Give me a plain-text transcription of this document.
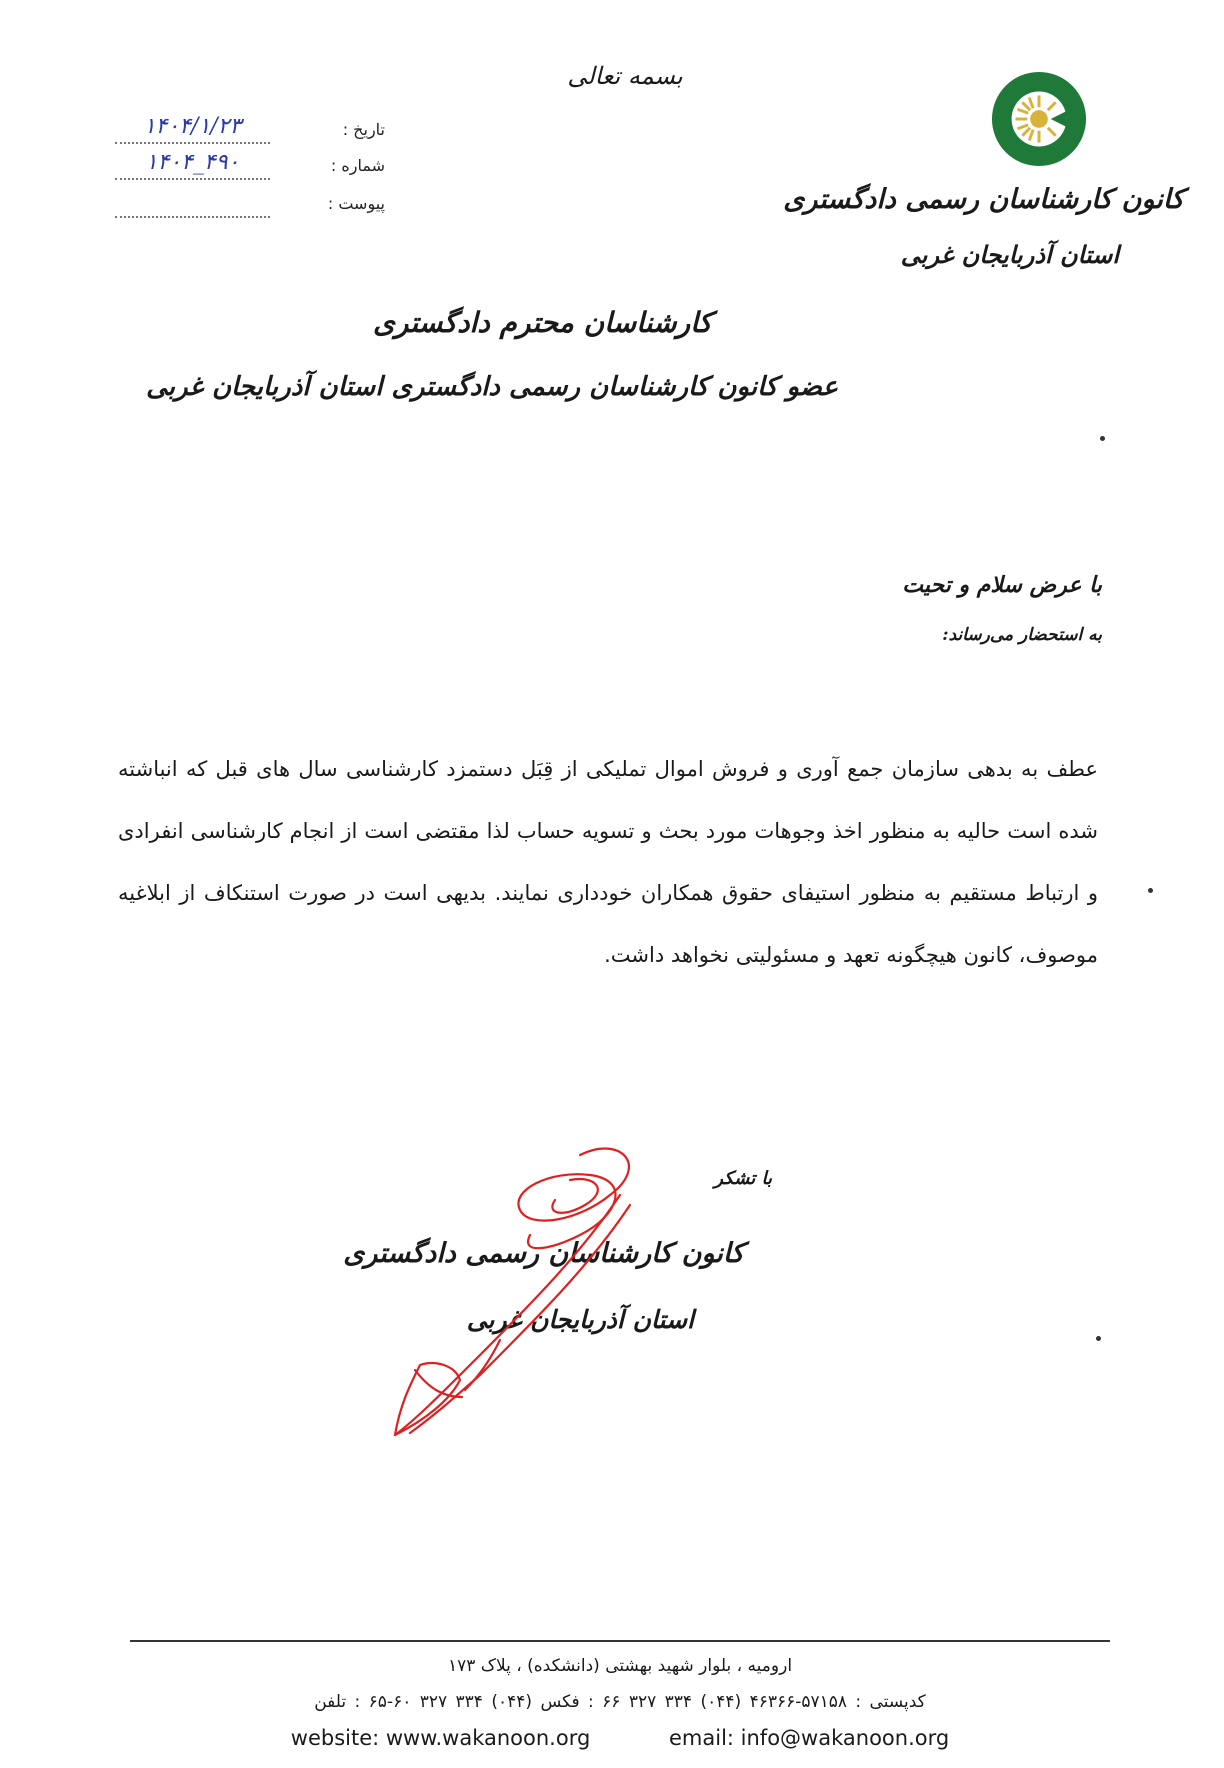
بسمه تعالی
کانون کارشناسان رسمی دادگستری
استان آذربایجان غربی
تاریخ :
۱۴۰۴/۱/۲۳
شماره :
۱۴۰۴_۴۹۰
پیوست :
کارشناسان محترم دادگستری
عضو کانون کارشناسان رسمی دادگستری استان آذربایجان غربی
با عرض سلام و تحیت
به استحضار می‌رساند:
عطف به بدهی سازمان جمع آوری و فروش اموال تملیکی از قِبَل دستمزد کارشناسی سال های قبل که انباشته شده است حالیه به منظور اخذ وجوهات مورد بحث و تسویه حساب لذا مقتضی است از انجام کارشناسی انفرادی و ارتباط مستقیم به منظور استیفای حقوق همکاران خودداری نمایند. بدیهی است در صورت استنکاف از ابلاغیه موصوف، کانون هیچگونه تعهد و مسئولیتی نخواهد داشت.
با تشکر
کانون کارشناسان رسمی دادگستری
استان آذربایجان غربی
ارومیه ، بلوار شهید بهشتی (دانشکده) ، پلاک ۱۷۳
کدپستی : ۵۷۱۵۸-۴۶۳۶۶ (۰۴۴) ۳۳۴ ۳۲۷ ۶۶ : فکس (۰۴۴) ۳۳۴ ۳۲۷ ۶۰-۶۵ : تلفن
website: www.wakanoon.org	email: info@wakanoon.org
